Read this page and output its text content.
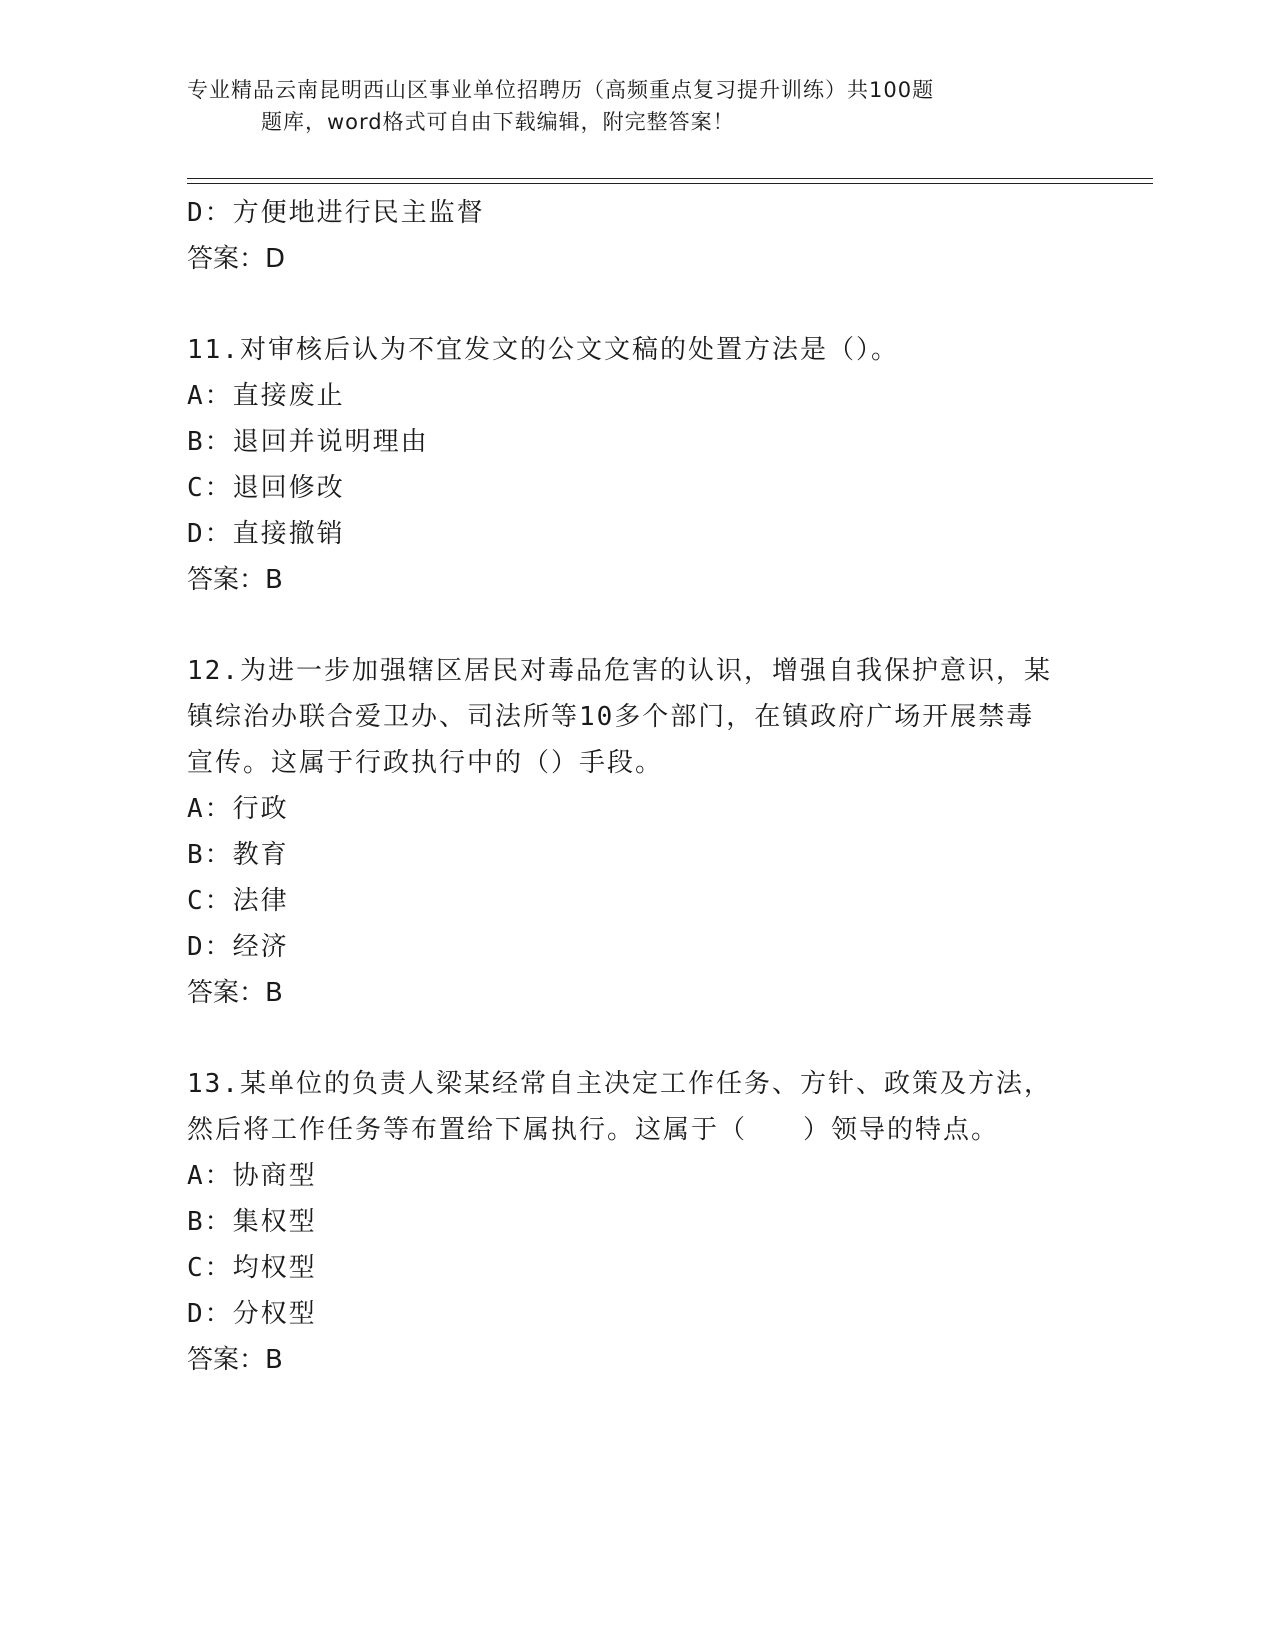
专业精品云南昆明西山区事业单位招聘历（高频重点复习提升训练）共100题
题库，word格式可自由下载编辑，附完整答案！
D：方便地进行民主监督
答案：D
11.对审核后认为不宜发文的公文文稿的处置方法是（）。
A：直接废止
B：退回并说明理由
C：退回修改
D：直接撤销
答案：B
12.为进一步加强辖区居民对毒品危害的认识，增强自我保护意识，某
镇综治办联合爱卫办、司法所等10多个部门，在镇政府广场开展禁毒
宣传。这属于行政执行中的（）手段。
A：行政
B：教育
C：法律
D：经济
答案：B
13.某单位的负责人梁某经常自主决定工作任务、方针、政策及方法，
然后将工作任务等布置给下属执行。这属于（　　）领导的特点。
A：协商型
B：集权型
C：均权型
D：分权型
答案：B
